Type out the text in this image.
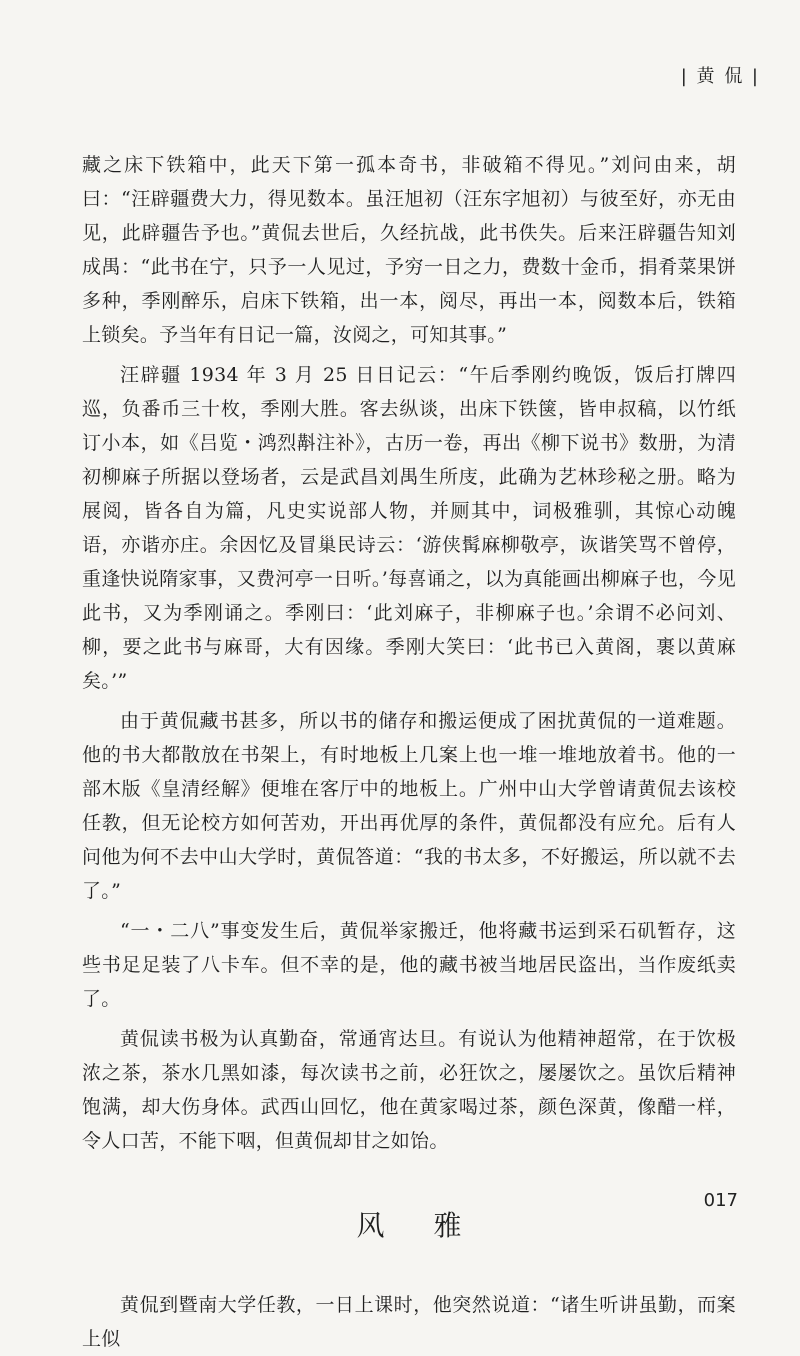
| 黄 侃 |

藏之床下铁箱中，此天下第一孤本奇书，非破箱不得见。”刘问由来，胡曰：“汪辟疆费大力，得见数本。虽汪旭初（汪东字旭初）与彼至好，亦无由见，此辟疆告予也。”黄侃去世后，久经抗战，此书佚失。后来汪辟疆告知刘成禺：“此书在宁，只予一人见过，予穷一日之力，费数十金币，捐肴菜果饼多种，季刚醉乐，启床下铁箱，出一本，阅尽，再出一本，阅数本后，铁箱上锁矣。予当年有日记一篇，汝阅之，可知其事。”

汪辟疆 1934 年 3 月 25 日日记云：“午后季刚约晚饭，饭后打牌四巡，负番币三十枚，季刚大胜。客去纵谈，出床下铁箧，皆申叔稿，以竹纸订小本，如《吕览・鸿烈斠注补》，古历一卷，再出《柳下说书》数册，为清初柳麻子所据以登场者，云是武昌刘禺生所庋，此确为艺林珍秘之册。略为展阅，皆各自为篇，凡史实说部人物，并厕其中，词极雅驯，其惊心动魄语，亦谐亦庄。余因忆及冒巢民诗云：‘游侠髯麻柳敬亭，诙谐笑骂不曾停，重逢快说隋家事，又费河亭一日听。’每喜诵之，以为真能画出柳麻子也，今见此书，又为季刚诵之。季刚曰：‘此刘麻子，非柳麻子也。’余谓不必问刘、柳，要之此书与麻哥，大有因缘。季刚大笑曰：‘此书已入黄阁，裹以黄麻矣。’”

由于黄侃藏书甚多，所以书的储存和搬运便成了困扰黄侃的一道难题。他的书大都散放在书架上，有时地板上几案上也一堆一堆地放着书。他的一部木版《皇清经解》便堆在客厅中的地板上。广州中山大学曾请黄侃去该校任教，但无论校方如何苦劝，开出再优厚的条件，黄侃都没有应允。后有人问他为何不去中山大学时，黄侃答道：“我的书太多，不好搬运，所以就不去了。”

“一・二八”事变发生后，黄侃举家搬迁，他将藏书运到采石矶暂存，这些书足足装了八卡车。但不幸的是，他的藏书被当地居民盗出，当作废纸卖了。

黄侃读书极为认真勤奋，常通宵达旦。有说认为他精神超常，在于饮极浓之茶，茶水几黑如漆，每次读书之前，必狂饮之，屡屡饮之。虽饮后精神饱满，却大伤身体。武西山回忆，他在黄家喝过茶，颜色深黄，像醋一样，令人口苦，不能下咽，但黄侃却甘之如饴。

风 雅

黄侃到暨南大学任教，一日上课时，他突然说道：“诸生听讲虽勤，而案上似

017
